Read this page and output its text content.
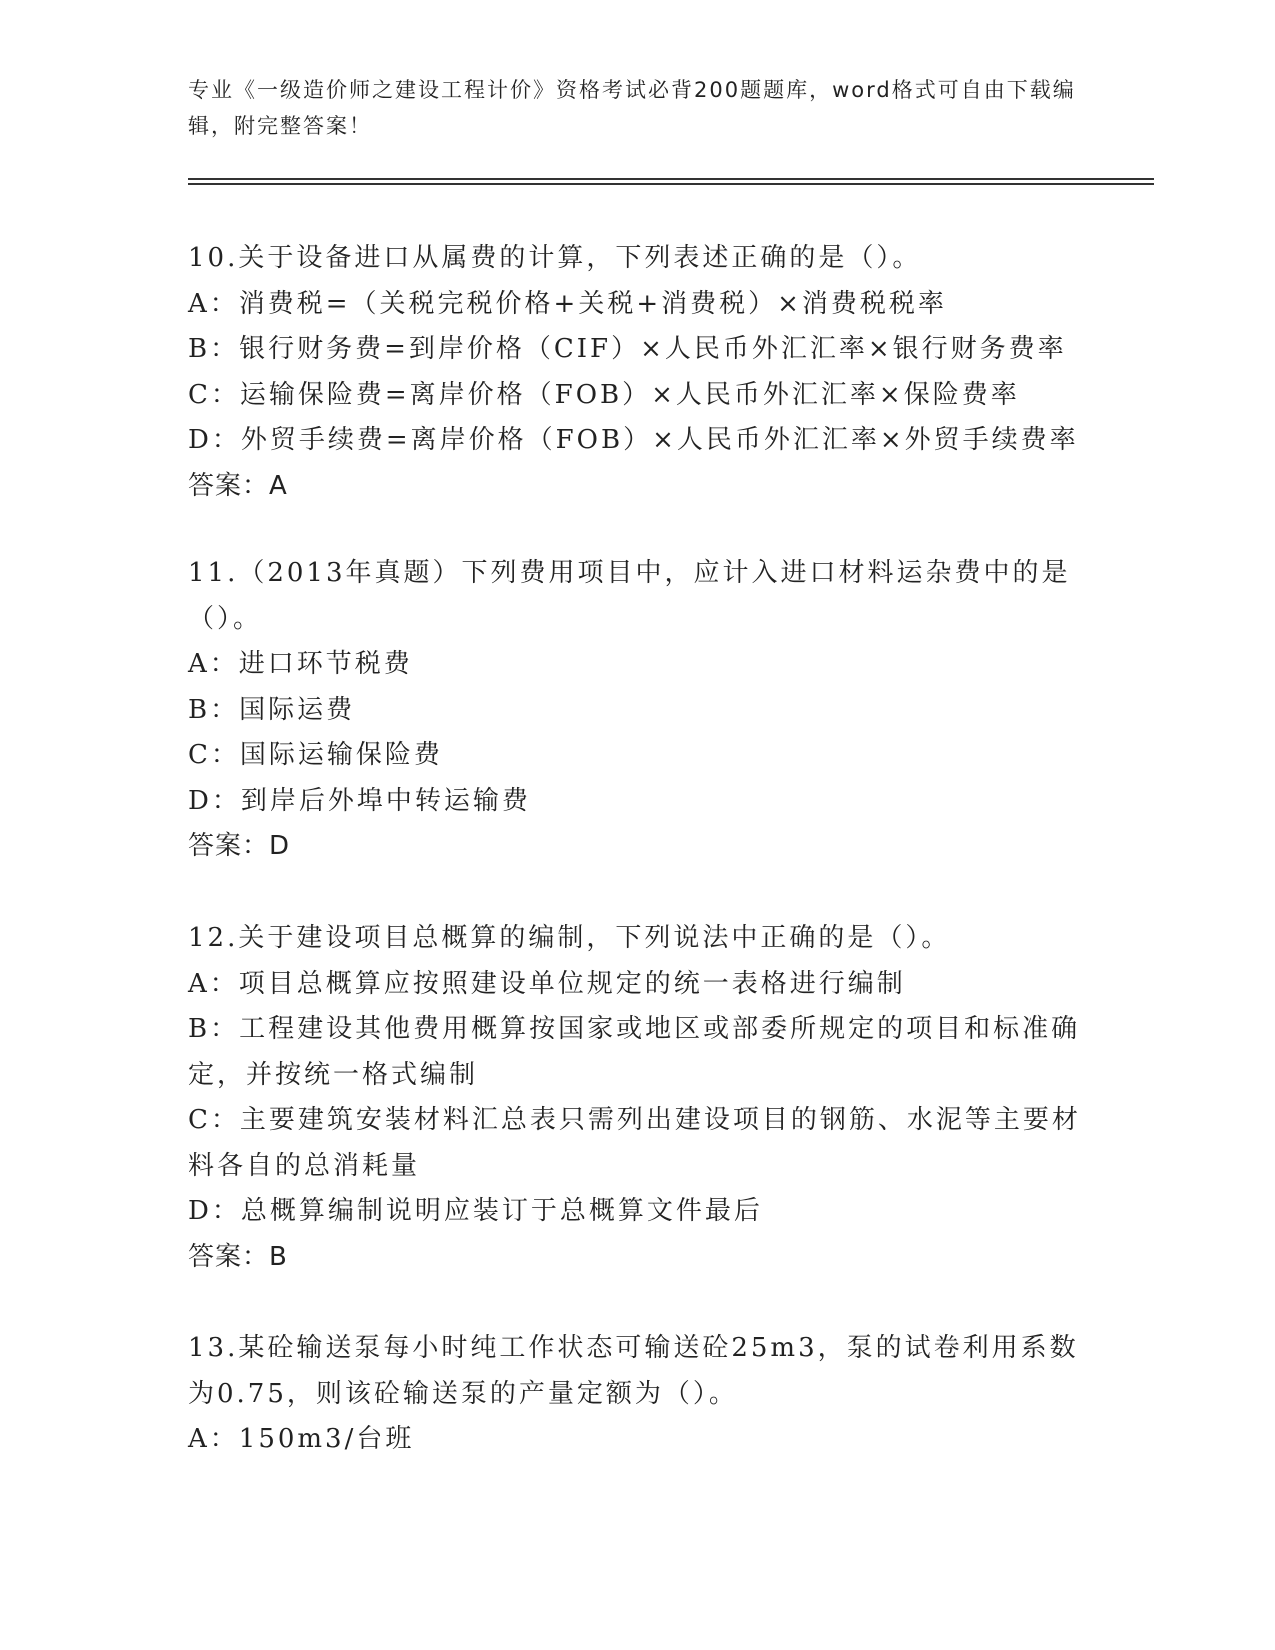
专业《一级造价师之建设工程计价》资格考试必背200题题库，word格式可自由下载编辑，附完整答案！
10.关于设备进口从属费的计算，下列表述正确的是（）。
A：消费税=（关税完税价格+关税+消费税）×消费税税率
B：银行财务费=到岸价格（CIF）×人民币外汇汇率×银行财务费率
C：运输保险费=离岸价格（FOB）×人民币外汇汇率×保险费率
D：外贸手续费=离岸价格（FOB）×人民币外汇汇率×外贸手续费率
答案：A
11.（2013年真题）下列费用项目中，应计入进口材料运杂费中的是（）。
A：进口环节税费
B：国际运费
C：国际运输保险费
D：到岸后外埠中转运输费
答案：D
12.关于建设项目总概算的编制，下列说法中正确的是（）。
A：项目总概算应按照建设单位规定的统一表格进行编制
B：工程建设其他费用概算按国家或地区或部委所规定的项目和标准确定，并按统一格式编制
C：主要建筑安装材料汇总表只需列出建设项目的钢筋、水泥等主要材料各自的总消耗量
D：总概算编制说明应装订于总概算文件最后
答案：B
13.某砼输送泵每小时纯工作状态可输送砼25m3，泵的试卷利用系数为0.75，则该砼输送泵的产量定额为（）。
A：150m3/台班
